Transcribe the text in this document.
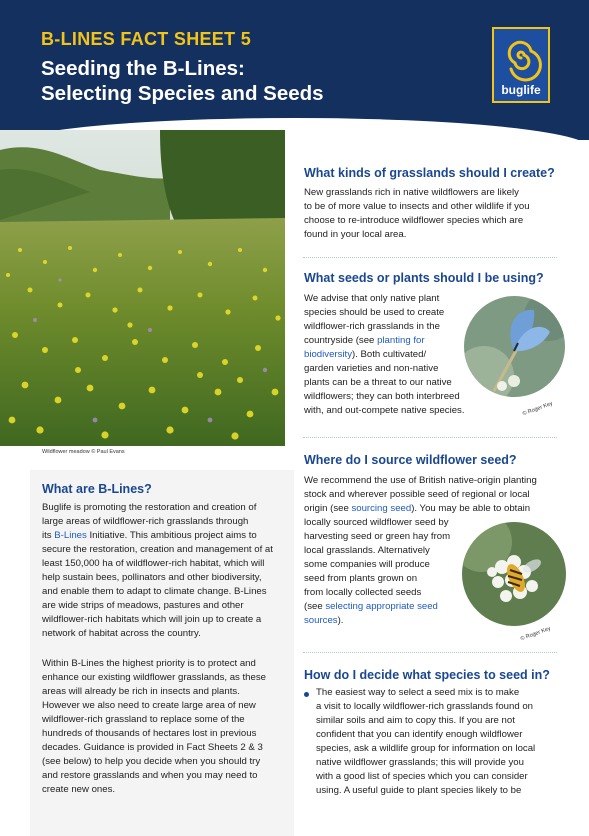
B-LINES FACT SHEET 5
Seeding the B-Lines:
Selecting Species and Seeds	buglife
Wildflower meadow © Paul Evans
What kinds of grasslands should I create?
New grasslands rich in native wildflowers are likely
to be of more value to insects and other wildlife if you
choose to re-introduce wildflower species which are
found in your local area.
What seeds or plants should I be using?
We advise that only native plant
species should be used to create
wildflower-rich grasslands in the
countryside (see planting for
biodiversity). Both cultivated/
garden varieties and non-native
plants can be a threat to our native
wildflowers; they can both interbreed
with, and out-compete native species.	© Roger Key
Where do I source wildflower seed?
We recommend the use of British native-origin planting
stock and wherever possible seed of regional or local
origin (see sourcing seed). You may be able to obtain
locally sourced wildflower seed by
harvesting seed or green hay from
local grasslands. Alternatively
some companies will produce
seed from plants grown on
from locally collected seeds
(see selecting appropriate seed
sources).
© Roger Key
How do I decide what species to seed in?
The easiest way to select a seed mix is to make
a visit to locally wildflower-rich grasslands found on
similar soils and aim to copy this. If you are not
confident that you can identify enough wildflower
species, ask a wildlife group for information on local
native wildflower grasslands; this will provide you
with a good list of species which you can consider
using. A useful guide to plant species likely to be
What are B-Lines?
Buglife is promoting the restoration and creation of
large areas of wildflower-rich grasslands through
its B-Lines Initiative. This ambitious project aims to
secure the restoration, creation and management of at
least 150,000 ha of wildflower-rich habitat, which will
help sustain bees, pollinators and other biodiversity,
and enable them to adapt to climate change. B-Lines
are wide strips of meadows, pastures and other
wildflower-rich habitats which will join up to create a
network of habitat across the country.
Within B-Lines the highest priority is to protect and
enhance our existing wildflower grasslands, as these
areas will already be rich in insects and plants.
However we also need to create large area of new
wildflower-rich grassland to replace some of the
hundreds of thousands of hectares lost in previous
decades. Guidance is provided in Fact Sheets 2 & 3
(see below) to help you decide when you should try
and restore grasslands and when you may need to
create new ones.
